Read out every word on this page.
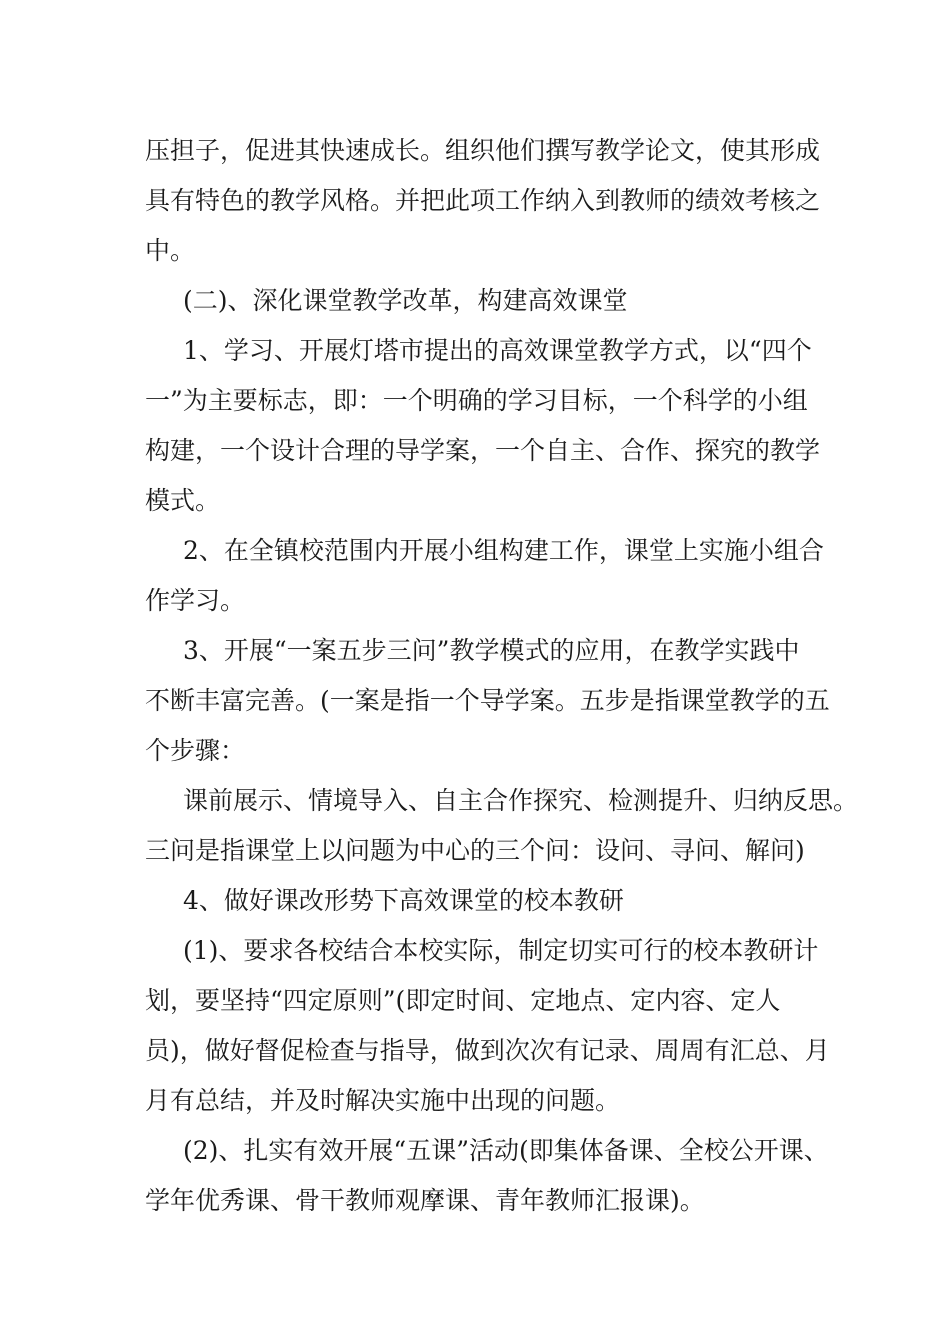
压担子，促进其快速成长。组织他们撰写教学论文，使其形成
具有特色的教学风格。并把此项工作纳入到教师的绩效考核之
中。
(二)、深化课堂教学改革，构建高效课堂
1、学习、开展灯塔市提出的高效课堂教学方式，以“四个
一”为主要标志，即：一个明确的学习目标，一个科学的小组
构建，一个设计合理的导学案，一个自主、合作、探究的教学
模式。
2、在全镇校范围内开展小组构建工作，课堂上实施小组合
作学习。
3、开展“一案五步三问”教学模式的应用，在教学实践中
不断丰富完善。(一案是指一个导学案。五步是指课堂教学的五
个步骤：
课前展示、情境导入、自主合作探究、检测提升、归纳反思。
三问是指课堂上以问题为中心的三个问：设问、寻问、解问)
4、做好课改形势下高效课堂的校本教研
(1)、要求各校结合本校实际，制定切实可行的校本教研计
划，要坚持“四定原则”(即定时间、定地点、定内容、定人
员)，做好督促检查与指导，做到次次有记录、周周有汇总、月
月有总结，并及时解决实施中出现的问题。
(2)、扎实有效开展“五课”活动(即集体备课、全校公开课、
学年优秀课、骨干教师观摩课、青年教师汇报课)。
